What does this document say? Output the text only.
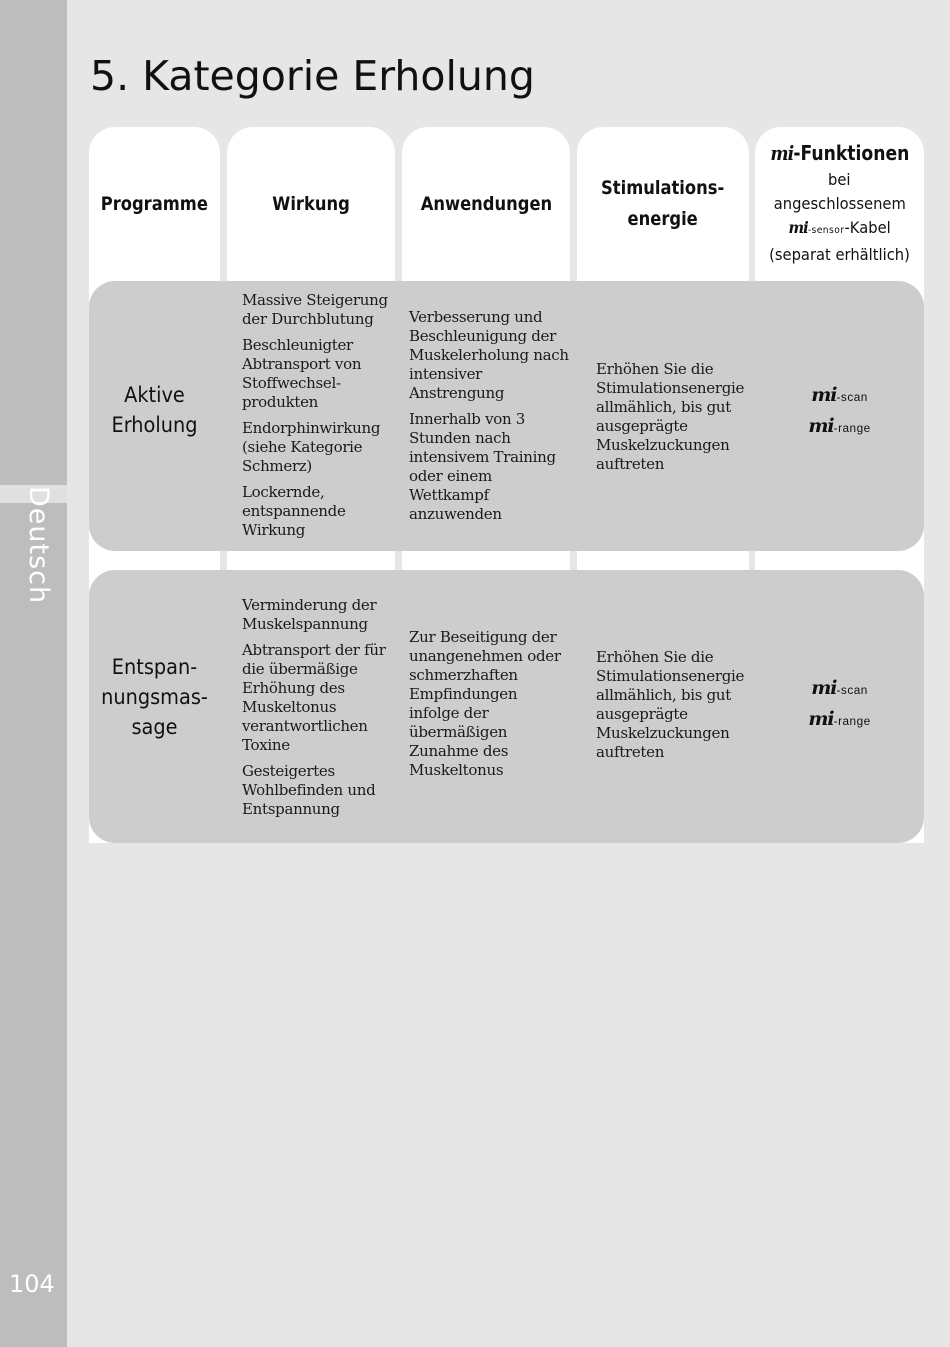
Deutsch
104
5. Kategorie Erholung
Programme	Wirkung	Anwendungen
Stimulations-
energie
mi-Funktionen
bei
angeschlossenem
mi-sensor-Kabel
(separat erhältlich)
Aktive
Erholung

Massive Steigerung der Durchblutung

Beschleunigter Abtransport von Stoffwechsel-produkten

Endorphinwirkung (siehe Kategorie Schmerz)

Lockernde, entspannende Wirkung

Verbesserung und Beschleunigung der Muskelerholung nach intensiver Anstrengung

Innerhalb von 3 Stunden nach intensivem Training oder einem Wettkampf anzuwenden

Erhöhen Sie die Stimulationsenergie allmählich, bis gut ausgeprägte Muskelzuckungen auftreten

mi-scan
mi-range
Entspan-
nungsmas-
sage

Verminderung der Muskelspannung

Abtransport der für die übermäßige Erhöhung des Muskeltonus verantwortlichen Toxine

Gesteigertes Wohlbefinden und Entspannung

Zur Beseitigung der unangenehmen oder schmerzhaften Empfindungen infolge der übermäßigen Zunahme des Muskeltonus

Erhöhen Sie die Stimulationsenergie allmählich, bis gut ausgeprägte Muskelzuckungen auftreten

mi-scan
mi-range
